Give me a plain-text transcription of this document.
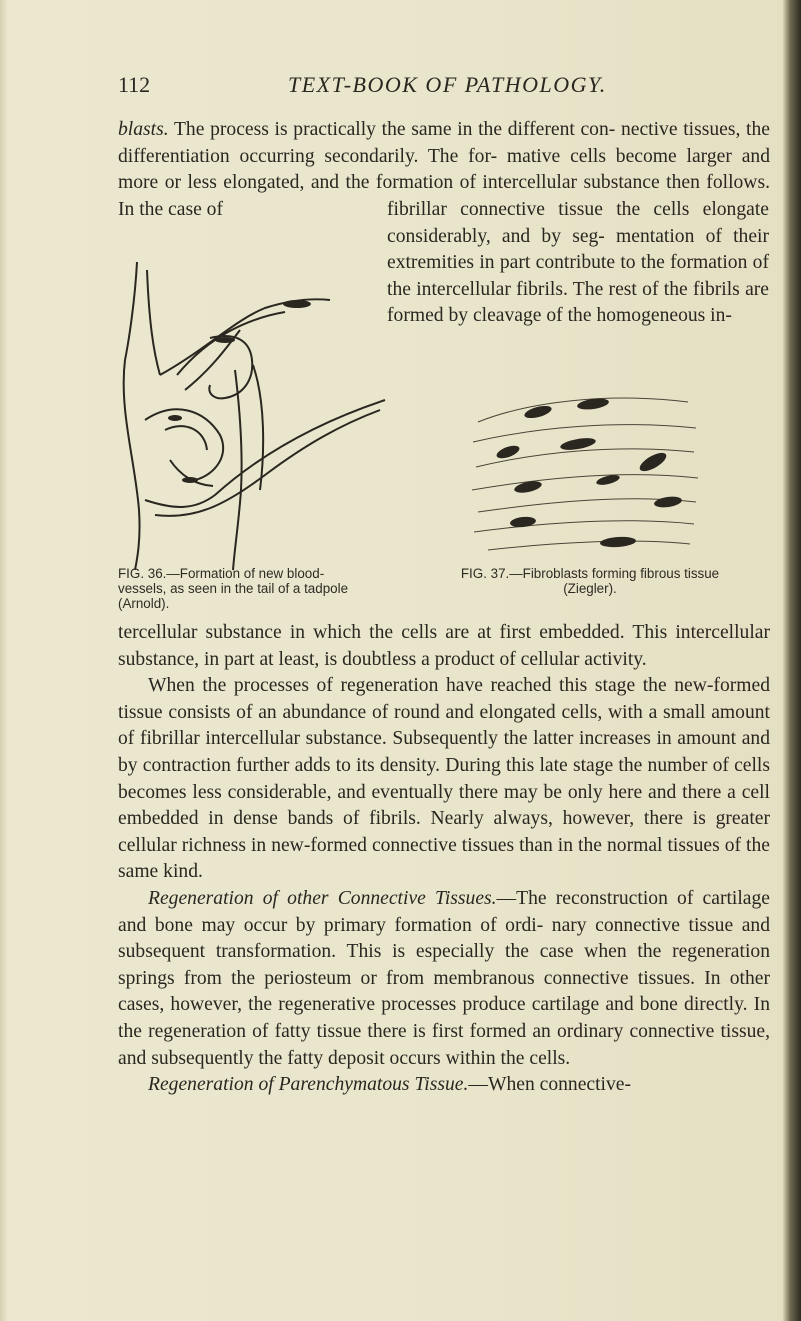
112	TEXT-BOOK OF PATHOLOGY.

blasts. The process is practically the same in the different con- nective tissues, the differentiation occurring secondarily. The for- mative cells become larger and more or less elongated, and the formation of intercellular substance then follows. In the case of	fibrillar connective tissue the cells elongate considerably, and by seg- mentation of their extremities in part contribute to the formation of the intercellular fibrils. The rest of the fibrils are formed by cleavage of the homogeneous in-
FIG. 36.—Formation of new blood-vessels, as seen in the tail of a tadpole (Arnold).
FIG. 37.—Fibroblasts forming fibrous tissue (Ziegler).

tercellular substance in which the cells are at first embedded. This intercellular substance, in part at least, is doubtless a product of cellular activity.

When the processes of regeneration have reached this stage the new-formed tissue consists of an abundance of round and elongated cells, with a small amount of fibrillar intercellular substance. Subsequently the latter increases in amount and by contraction further adds to its density. During this late stage the number of cells becomes less considerable, and eventually there may be only here and there a cell embedded in dense bands of fibrils. Nearly always, however, there is greater cellular richness in new-formed connective tissues than in the normal tissues of the same kind.

Regeneration of other Connective Tissues.—The reconstruction of cartilage and bone may occur by primary formation of ordi- nary connective tissue and subsequent transformation. This is especially the case when the regeneration springs from the periosteum or from membranous connective tissues. In other cases, however, the regenerative processes produce cartilage and bone directly. In the regeneration of fatty tissue there is first formed an ordinary connective tissue, and subsequently the fatty deposit occurs within the cells.

Regeneration of Parenchymatous Tissue.—When connective-
